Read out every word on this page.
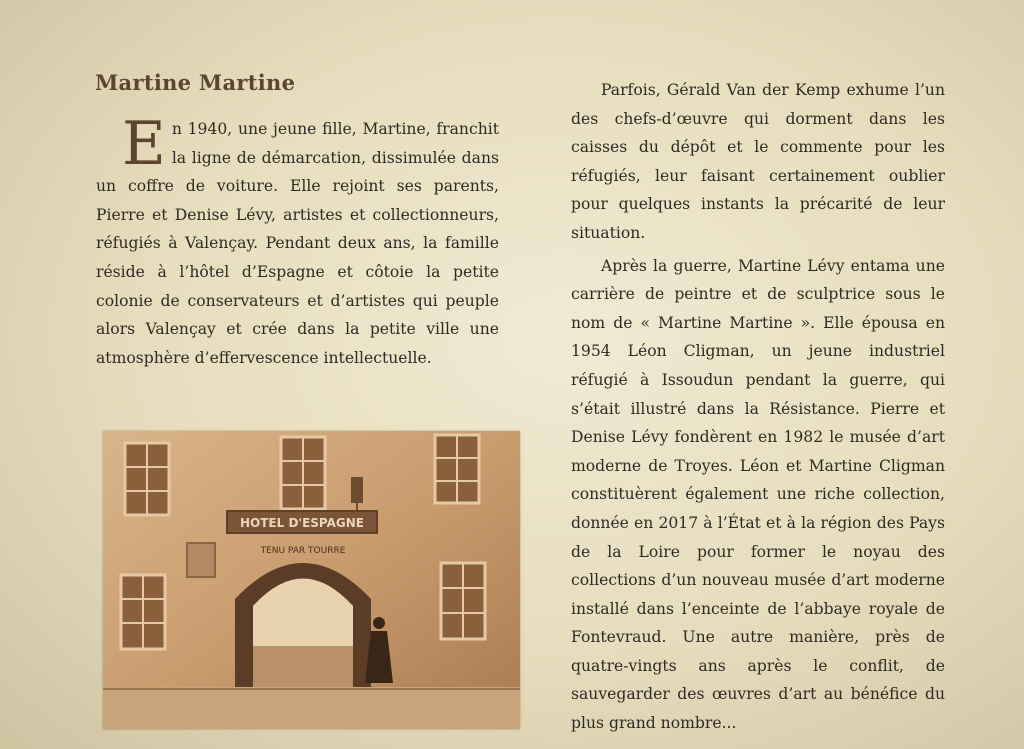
Martine Martine

En 1940, une jeune fille, Martine, franchit la ligne de démarcation, dissimulée dans un coffre de voiture. Elle rejoint ses parents, Pierre et Denise Lévy, artistes et collectionneurs, réfugiés à Valençay. Pendant deux ans, la famille réside à l’hôtel d’Espagne et côtoie la petite colonie de conservateurs et d’artistes qui peuple alors Valençay et crée dans la petite ville une atmosphère d’effervescence intellectuelle.

HOTEL D'ESPAGNE
TENU PAR TOURRE

Parfois, Gérald Van der Kemp exhume l’un des chefs-d’œuvre qui dorment dans les caisses du dépôt et le commente pour les réfugiés, leur faisant certainement oublier pour quelques instants la précarité de leur situation.

Après la guerre, Martine Lévy entama une carrière de peintre et de sculptrice sous le nom de « Martine Martine ». Elle épousa en 1954 Léon Cligman, un jeune industriel réfugié à Issoudun pendant la guerre, qui s’était illustré dans la Résistance. Pierre et Denise Lévy fondèrent en 1982 le musée d’art moderne de Troyes. Léon et Martine Cligman constituèrent également une riche collection, donnée en 2017 à l’État et à la région des Pays de la Loire pour former le noyau des collections d’un nouveau musée d’art moderne installé dans l’enceinte de l’abbaye royale de Fontevraud. Une autre manière, près de quatre-vingts ans après le conflit, de sauvegarder des œuvres d’art au bénéfice du plus grand nombre...
